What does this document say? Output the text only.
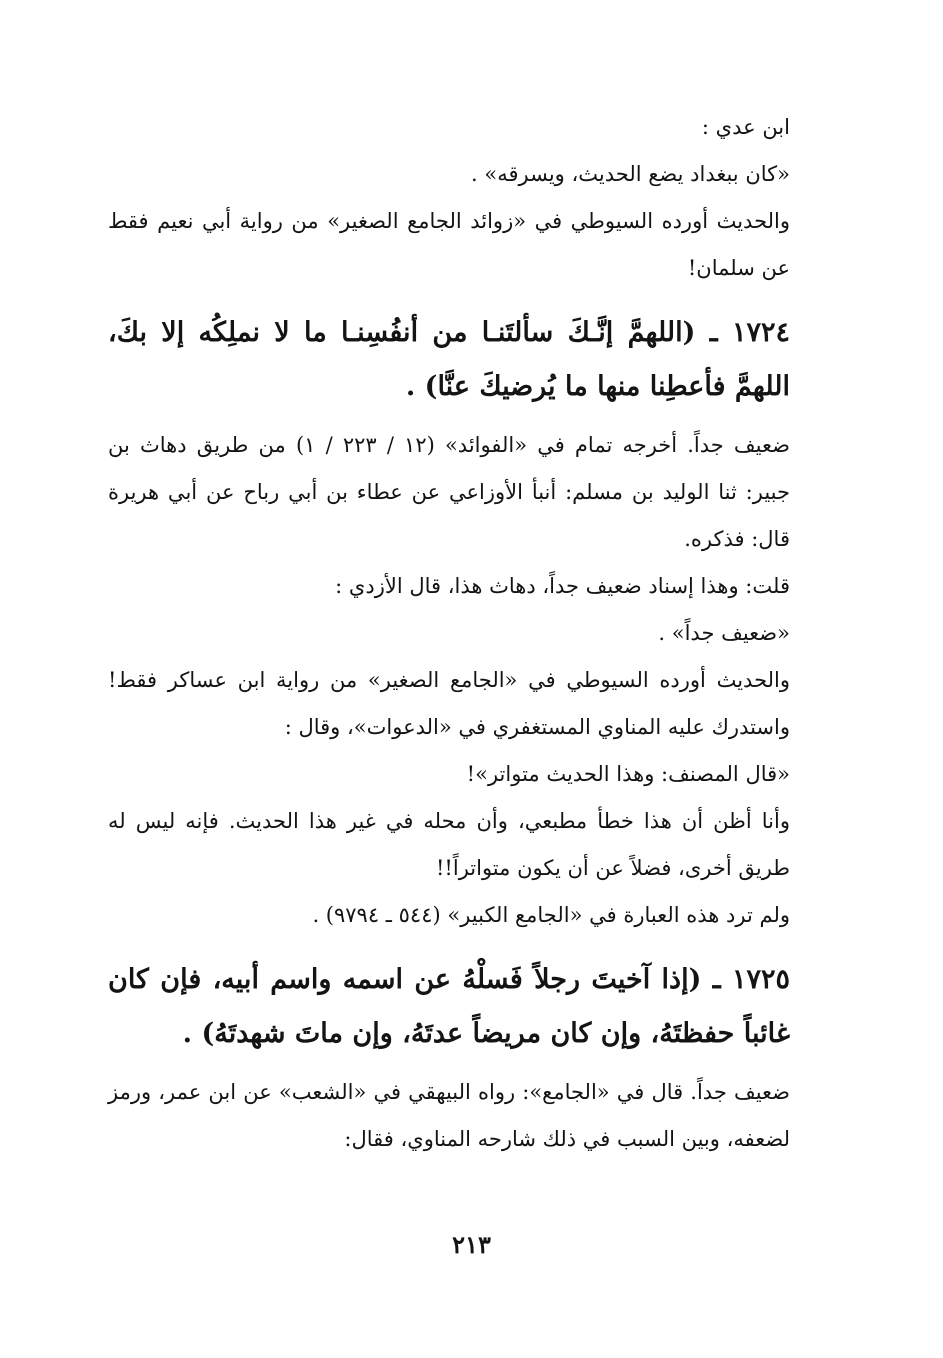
ابن عدي :

«كان ببغداد يضع الحديث، ويسرقه» .

والحديث أورده السيوطي في «زوائد الجامع الصغير» من رواية أبي نعيم فقط عن سلمان!

١٧٢٤ ـ (اللهمَّ إنَّـكَ سألتَنـا من أنفُسِنـا ما لا نملِكُه إلا بكَ، اللهمَّ فأعطِنا منها ما يُرضيكَ عنَّا) .

ضعيف جداً. أخرجه تمام في «الفوائد» (١٢ / ٢٢٣ / ١) من طريق دهاث بن جبير: ثنا الوليد بن مسلم: أنبأ الأوزاعي عن عطاء بن أبي رباح عن أبي هريرة قال: فذكره.

قلت: وهذا إسناد ضعيف جداً، دهاث هذا، قال الأزدي :

«ضعيف جداً» .

والحديث أورده السيوطي في «الجامع الصغير» من رواية ابن عساكر فقط! واستدرك عليه المناوي المستغفري في «الدعوات»، وقال :

«قال المصنف: وهذا الحديث متواتر»!

وأنا أظن أن هذا خطأ مطبعي، وأن محله في غير هذا الحديث. فإنه ليس له طريق أخرى، فضلاً عن أن يكون متواتراً!!

ولم ترد هذه العبارة في «الجامع الكبير» (٥٤٤ ـ ٩٧٩٤) .

١٧٢٥ ـ (إذا آخيتَ رجلاً فَسلْهُ عن اسمه واسم أبيه، فإن كان غائباً حفظتَهُ، وإن كان مريضاً عدتَهُ، وإن ماتَ شهدتَهُ) .

ضعيف جداً. قال في «الجامع»: رواه البيهقي في «الشعب» عن ابن عمر، ورمز لضعفه، وبين السبب في ذلك شارحه المناوي، فقال:

٢١٣
